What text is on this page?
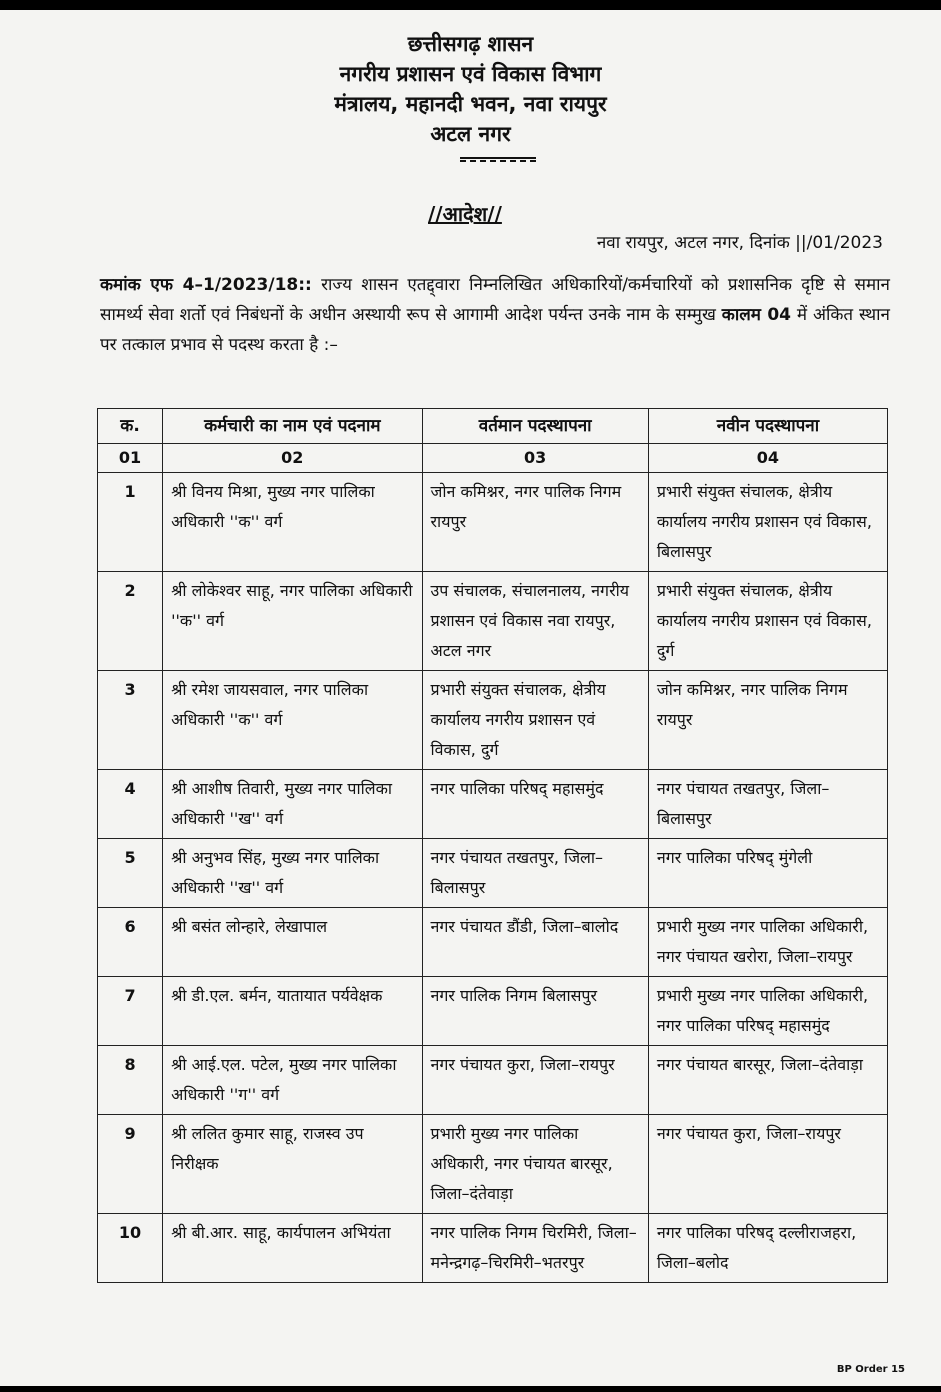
छत्तीसगढ़ शासन
नगरीय प्रशासन एवं विकास विभाग
मंत्रालय, महानदी भवन, नवा रायपुर
अटल नगर
//आदेश//
नवा रायपुर, अटल नगर, दिनांक ||/01/2023
कमांक एफ 4–1/2023/18:: राज्य शासन एतद्द्वारा निम्नलिखित अधिकारियों/कर्मचारियों को प्रशासनिक दृष्टि से समान सामर्थ्य सेवा शर्तो एवं निबंधनों के अधीन अस्थायी रूप से आगामी आदेश पर्यन्त उनके नाम के सम्मुख कालम 04 में अंकित स्थान पर तत्काल प्रभाव से पदस्थ करता है :–
क.	कर्मचारी का नाम एवं पदनाम	वर्तमान पदस्थापना	नवीन पदस्थापना
01	02	03	04
1	श्री विनय मिश्रा, मुख्य नगर पालिका अधिकारी ''क'' वर्ग	जोन कमिश्नर, नगर पालिक निगम रायपुर	प्रभारी संयुक्त संचालक, क्षेत्रीय कार्यालय नगरीय प्रशासन एवं विकास, बिलासपुर
2	श्री लोकेश्वर साहू, नगर पालिका अधिकारी ''क'' वर्ग	उप संचालक, संचालनालय, नगरीय प्रशासन एवं विकास नवा रायपुर, अटल नगर	प्रभारी संयुक्त संचालक, क्षेत्रीय कार्यालय नगरीय प्रशासन एवं विकास, दुर्ग
3	श्री रमेश जायसवाल, नगर पालिका अधिकारी ''क'' वर्ग	प्रभारी संयुक्त संचालक, क्षेत्रीय कार्यालय नगरीय प्रशासन एवं विकास, दुर्ग	जोन कमिश्नर, नगर पालिक निगम रायपुर
4	श्री आशीष तिवारी, मुख्य नगर पालिका अधिकारी ''ख'' वर्ग	नगर पालिका परिषद् महासमुंद	नगर पंचायत तखतपुर, जिला–बिलासपुर
5	श्री अनुभव सिंह, मुख्य नगर पालिका अधिकारी ''ख'' वर्ग	नगर पंचायत तखतपुर, जिला–बिलासपुर	नगर पालिका परिषद् मुंगेली
6	श्री बसंत लोन्हारे, लेखापाल	नगर पंचायत डौंडी, जिला–बालोद	प्रभारी मुख्य नगर पालिका अधिकारी, नगर पंचायत खरोरा, जिला–रायपुर
7	श्री डी.एल. बर्मन, यातायात पर्यवेक्षक	नगर पालिक निगम बिलासपुर	प्रभारी मुख्य नगर पालिका अधिकारी, नगर पालिका परिषद् महासमुंद
8	श्री आई.एल. पटेल, मुख्य नगर पालिका अधिकारी ''ग'' वर्ग	नगर पंचायत कुरा, जिला–रायपुर	नगर पंचायत बारसूर, जिला–दंतेवाड़ा
9	श्री ललित कुमार साहू, राजस्व उप निरीक्षक	प्रभारी मुख्य नगर पालिका अधिकारी, नगर पंचायत बारसूर, जिला–दंतेवाड़ा	नगर पंचायत कुरा, जिला–रायपुर
10	श्री बी.आर. साहू, कार्यपालन अभियंता	नगर पालिक निगम चिरमिरी, जिला–मनेन्द्रगढ़–चिरमिरी–भतरपुर	नगर पालिका परिषद् दल्लीराजहरा, जिला–बलोद
BP Order 15
